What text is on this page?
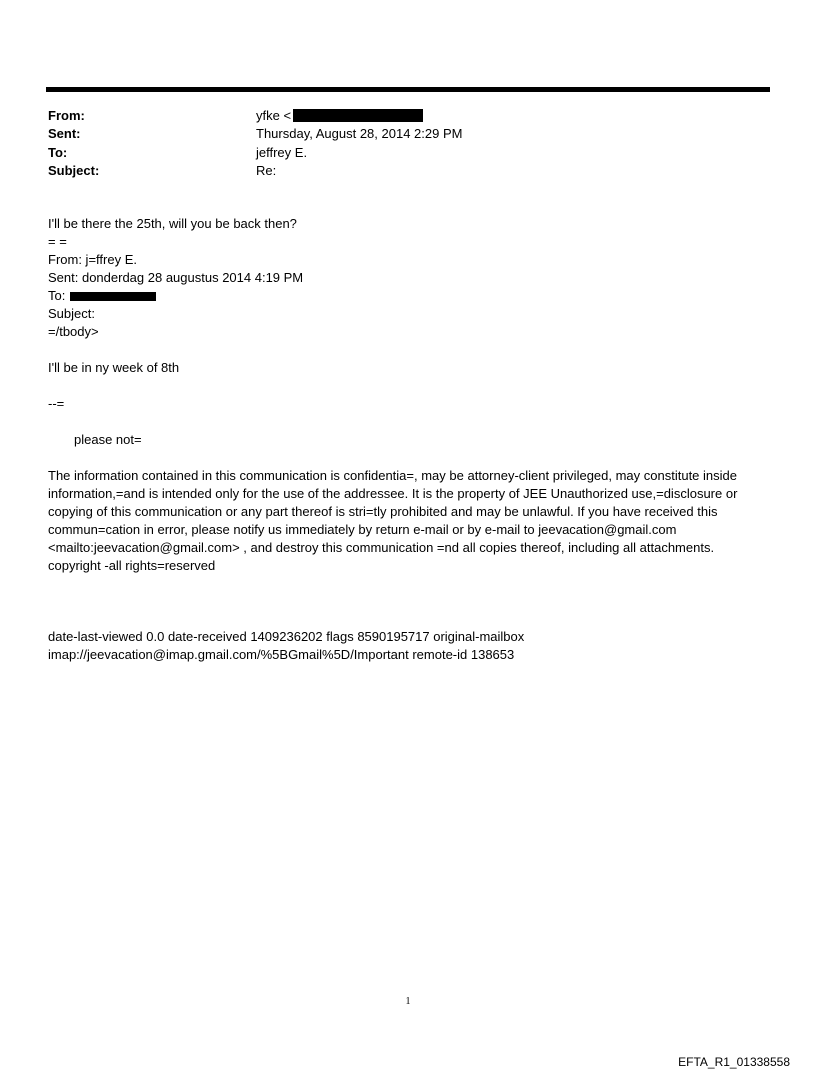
From:	yfke <
Sent:	Thursday, August 28, 2014 2:29 PM
To:	jeffrey E.
Subject:	Re:
I'll be there the 25th, will you be back then?
= =
From: j=ffrey E.
Sent: donderdag 28 augustus 2014 4:19 PM
To:
Subject:
=/tbody>
I'll be in ny week of 8th
--=
please not=
The information contained in this communication is confidentia=, may be attorney-client privileged, may constitute inside information,=and is intended only for the use of the addressee. It is the property of JEE Unauthorized use,=disclosure or copying of this communication or any part thereof is stri=tly prohibited and may be unlawful. If you have received this commun=cation in error, please notify us immediately by return e-mail or by e-mail to jeevacation@gmail.com <mailto:jeevacation@gmail.com> , and destroy this communication =nd all copies thereof, including all attachments. copyright -all rights=reserved
date-last-viewed 0.0 date-received 1409236202 flags 8590195717 original-mailbox
imap://jeevacation@imap.gmail.com/%5BGmail%5D/Important remote-id 138653
1
EFTA_R1_01338558
